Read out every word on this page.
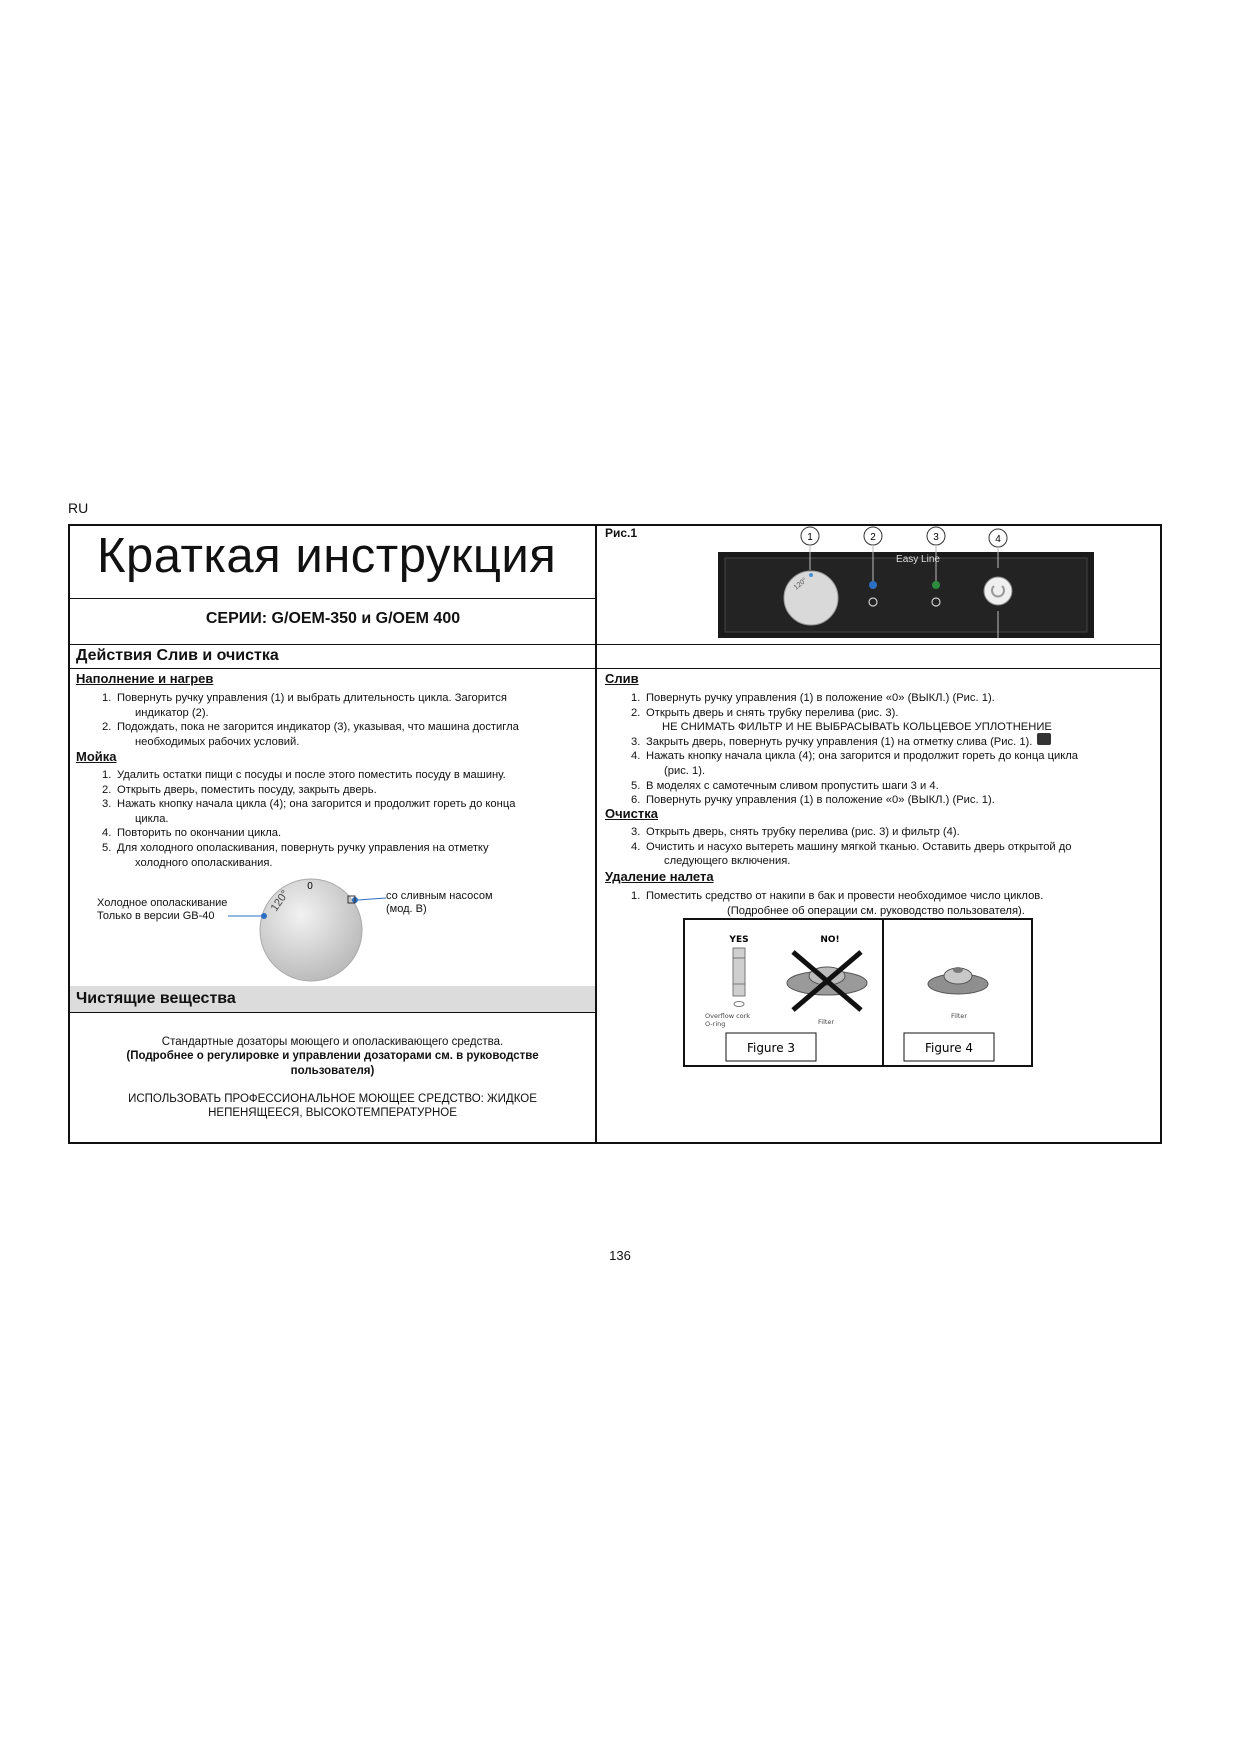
RU
Краткая инструкция
СЕРИИ: G/OEM-350 и G/OEM 400
Рис.1	1	2	3	4
Easy Line
120°
Действия Слив и очистка
Наполнение и нагрев
1. Повернуть ручку управления (1) и выбрать длительность цикла. Загорится
индикатор (2).
2. Подождать, пока не загорится индикатор (3), указывая, что машина достигла
необходимых рабочих условий.
Мойка
1. Удалить остатки пищи с посуды и после этого поместить посуду в машину.
2. Открыть дверь, поместить посуду, закрыть дверь.
3. Нажать кнопку начала цикла (4); она загорится и продолжит гореть до конца
цикла.
4. Повторить по окончании цикла.
5. Для холодного ополаскивания, повернуть ручку управления на отметку
холодного ополаскивания.
Холодное ополаскивание
Только в версии GB-40
со сливным насосом
(мод. B)
0
120°
Чистящие вещества
Стандартные дозаторы моющего и ополаскивающего средства.
(Подробнее о регулировке и управлении дозаторами см. в руководстве
пользователя)
ИСПОЛЬЗОВАТЬ ПРОФЕССИОНАЛЬНОЕ МОЮЩЕЕ СРЕДСТВО: ЖИДКОЕ
НЕПЕНЯЩЕЕСЯ, ВЫСОКОТЕМПЕРАТУРНОЕ
Слив
1. Повернуть ручку управления (1) в положение «0» (ВЫКЛ.) (Рис. 1).
2. Открыть дверь и снять трубку перелива (рис. 3).
НЕ СНИМАТЬ ФИЛЬТР И НЕ ВЫБРАСЫВАТЬ КОЛЬЦЕВОЕ УПЛОТНЕНИЕ
3. Закрыть дверь, повернуть ручку управления (1) на отметку слива (Рис. 1).
4. Нажать кнопку начала цикла (4); она загорится и продолжит гореть до конца цикла
(рис. 1).
5. В моделях с самотечным сливом пропустить шаги 3 и 4.
6. Повернуть ручку управления (1) в положение «0» (ВЫКЛ.) (Рис. 1).
Очистка
3. Открыть дверь, снять трубку перелива (рис. 3) и фильтр (4).
4. Очистить и насухо вытереть машину мягкой тканью. Оставить дверь открытой до
следующего включения.
Удаление налета
1. Поместить средство от накипи в бак и провести необходимое число циклов.
(Подробнее об операции см. руководство пользователя).
YES	NO!
Overflow cork
O-ring	Filter
Figure 3
Filter
Figure 4
136
